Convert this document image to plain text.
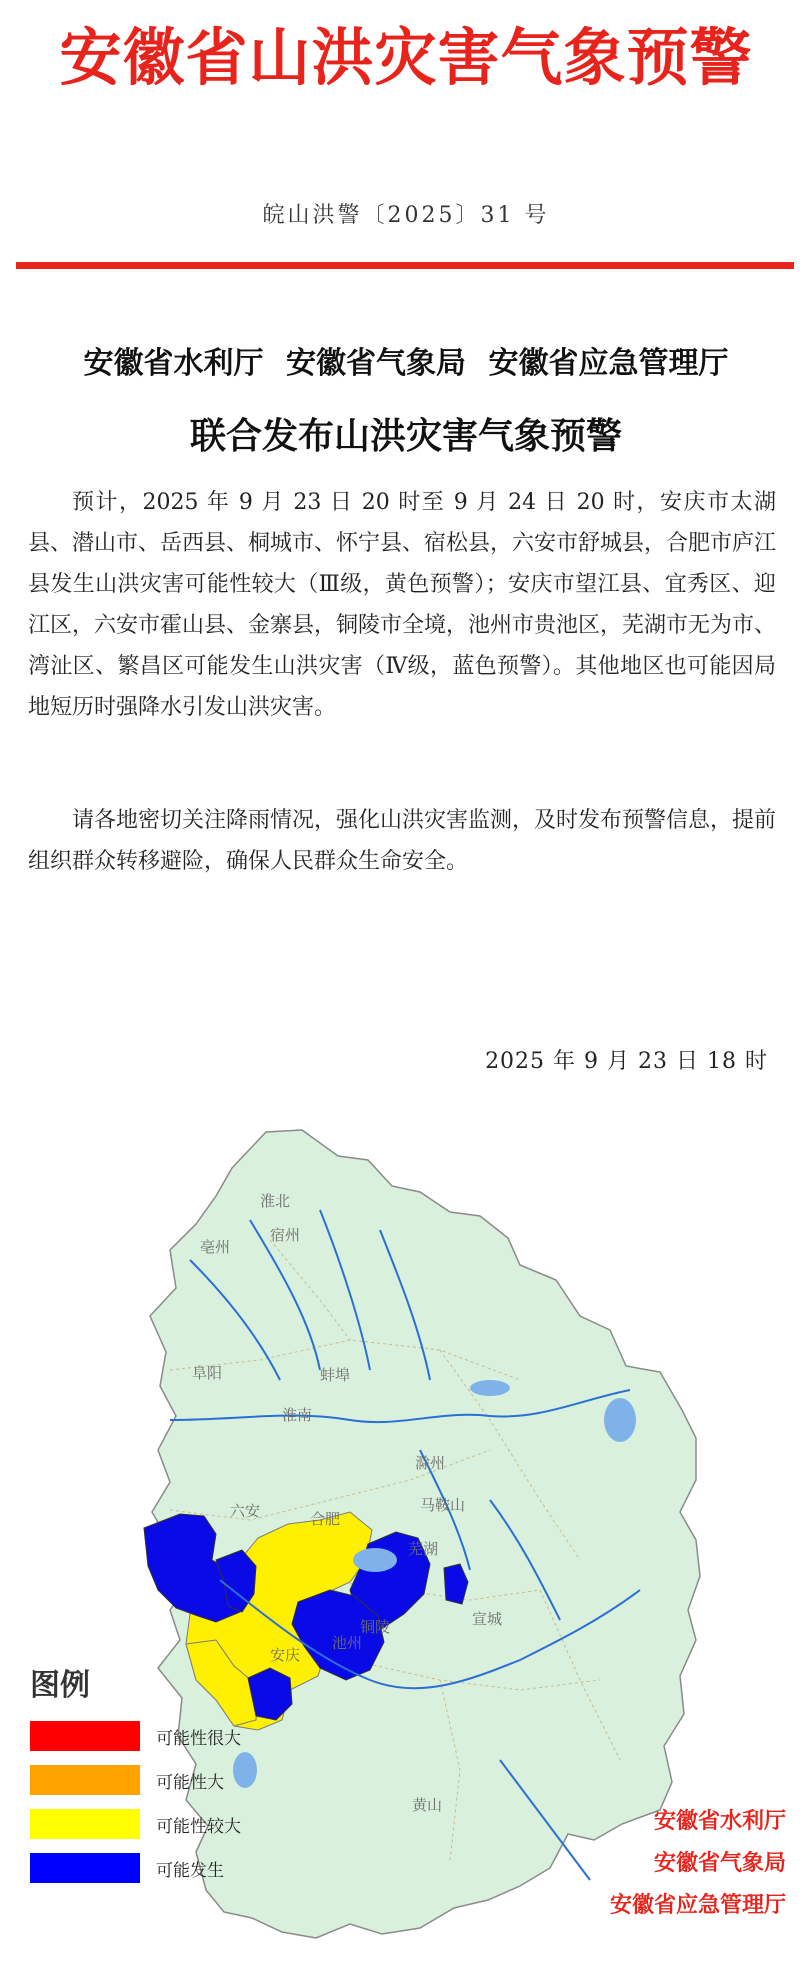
安徽省山洪灾害气象预警
皖山洪警〔2025〕31 号
安徽省水利厅 安徽省气象局 安徽省应急管理厅
联合发布山洪灾害气象预警

预计，2025 年 9 月 23 日 20 时至 9 月 24 日 20 时，安庆市太湖县、潜山市、岳西县、桐城市、怀宁县、宿松县，六安市舒城县，合肥市庐江县发生山洪灾害可能性较大（Ⅲ级，黄色预警）；安庆市望江县、宜秀区、迎江区，六安市霍山县、金寨县，铜陵市全境，池州市贵池区，芜湖市无为市、湾沚区、繁昌区可能发生山洪灾害（Ⅳ级，蓝色预警）。其他地区也可能因局地短历时强降水引发山洪灾害。

请各地密切关注降雨情况，强化山洪灾害监测，及时发布预警信息，提前组织群众转移避险，确保人民群众生命安全。

2025 年 9 月 23 日 18 时
亳州
淮北
宿州
阜阳	蚌埠
淮南
滁州
六安	合肥
马鞍山
芜湖
宣城
铜陵
池州
安庆
黄山
图例
可能性很大
可能性大
可能性较大
可能发生
安徽省水利厅
安徽省气象局
安徽省应急管理厅
